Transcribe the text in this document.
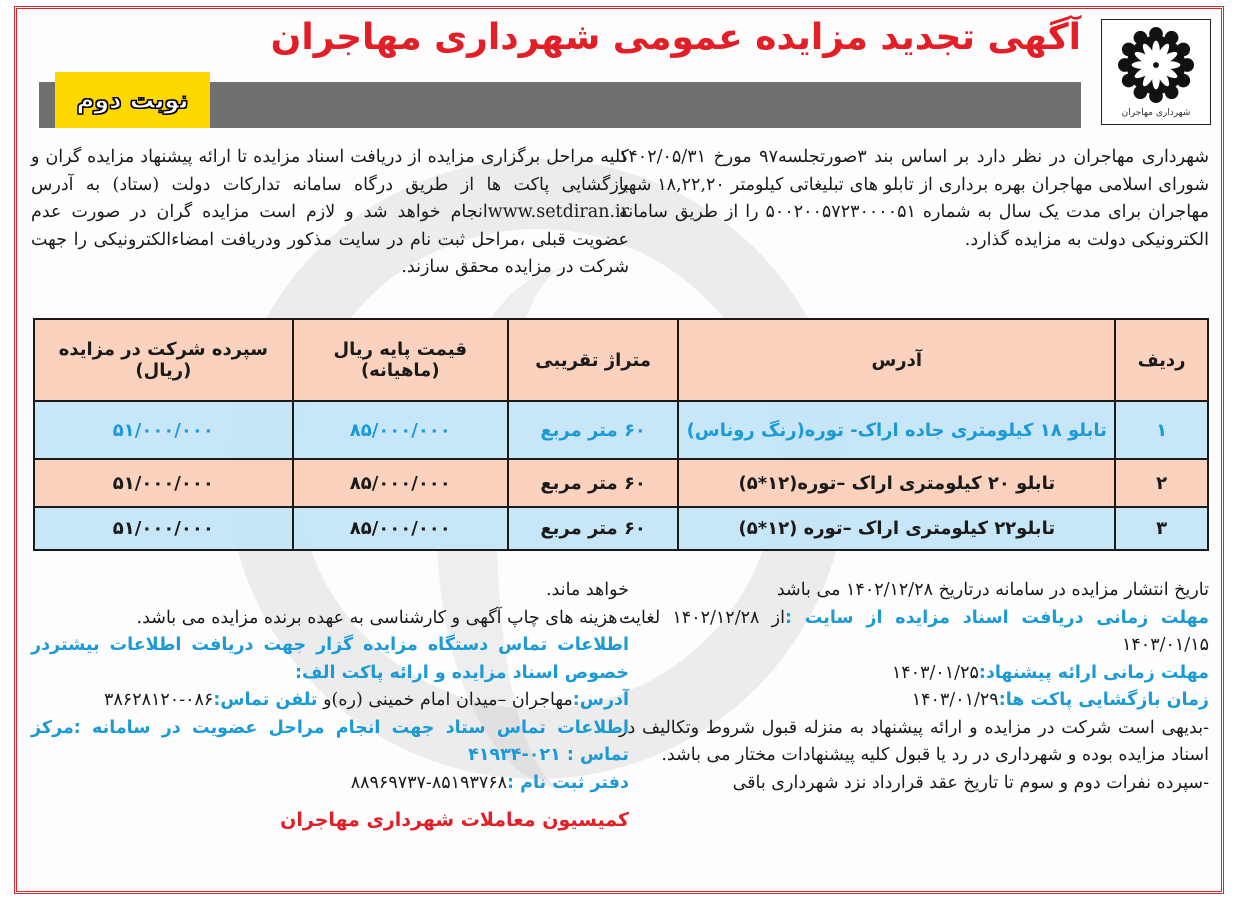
شهرداری مهاجران
آگهی تجدید مزایده عمومی شهرداری مهاجران
نوبت دوم
شهرداری مهاجران در نظر دارد بر اساس بند ۳صورتجلسه۹۷ مورخ ۱۴۰۲/۰۵/۳۱ شورای اسلامی مهاجران بهره برداری از تابلو های تبلیغاتی کیلومتر ۱۸,۲۲,۲۰ شهر مهاجران برای مدت یک سال به شماره ۵۰۰۲۰۰۵۷۲۳۰۰۰۰۵۱ را از طریق سامانه الکترونیکی دولت به مزایده گذارد.
کلیه مراحل برگزاری مزایده از دریافت اسناد مزایده تا ارائه پیشنهاد مزایده گران و بازگشایی پاکت ها از طریق درگاه سامانه تدارکات دولت (ستاد) به آدرس www.setdiran.irانجام خواهد شد و لازم است مزایده گران در صورت عدم عضویت قبلی ،مراحل ثبت نام در سایت مذکور ودریافت امضاءالکترونیکی را جهت شرکت در مزایده محقق سازند.
ردیف	آدرس	متراژ تقریبی	قیمت پایه ریال (ماهیانه)	سپرده شرکت در مزایده (ریال)
۱	تابلو ۱۸ کیلومتری جاده اراک- توره(رنگ روناس)	۶۰ متر مربع	۸۵/۰۰۰/۰۰۰	۵۱/۰۰۰/۰۰۰
۲	تابلو ۲۰ کیلومتری اراک –توره(۱۲*۵)	۶۰ متر مربع	۸۵/۰۰۰/۰۰۰	۵۱/۰۰۰/۰۰۰
۳	تابلو۲۲ کیلومتری اراک –توره (۱۲*۵)	۶۰ متر مربع	۸۵/۰۰۰/۰۰۰	۵۱/۰۰۰/۰۰۰
تاریخ انتشار مزایده در سامانه درتاریخ ۱۴۰۲/۱۲/۲۸ می باشد
مهلت زمانی دریافت اسناد مزایده از سایت :از ۱۴۰۲/۱۲/۲۸ لغایت ۱۴۰۳/۰۱/۱۵
مهلت زمانی ارائه پیشنهاد:۱۴۰۳/۰۱/۲۵
زمان بازگشایی پاکت ها:۱۴۰۳/۰۱/۲۹
-بدیهی است شرکت در مزایده و ارائه پیشنهاد به منزله قبول شروط وتکالیف در اسناد مزایده بوده و شهرداری در رد یا قبول کلیه پیشنهادات مختار می باشد.
-سپرده نفرات دوم و سوم تا تاریخ عقد قرارداد نزد شهرداری باقی
خواهد ماند.
- هزینه های چاپ آگهی و کارشناسی به عهده برنده مزایده می باشد.
اطلاعات تماس دستگاه مزایده گزار جهت دریافت اطلاعات بیشتردر خصوص اسناد مزایده و ارائه پاکت الف:
آدرس:مهاجران –میدان امام خمینی (ره)و تلفن تماس:۰۸۶-۳۸۶۲۸۱۲۰
اطلاعات تماس ستاد جهت انجام مراحل عضویت در سامانه :مرکز تماس : ۰۲۱-۴۱۹۳۴
دفتر ثبت نام :۸۵۱۹۳۷۶۸-۸۸۹۶۹۷۳۷
کمیسیون معاملات شهرداری مهاجران
